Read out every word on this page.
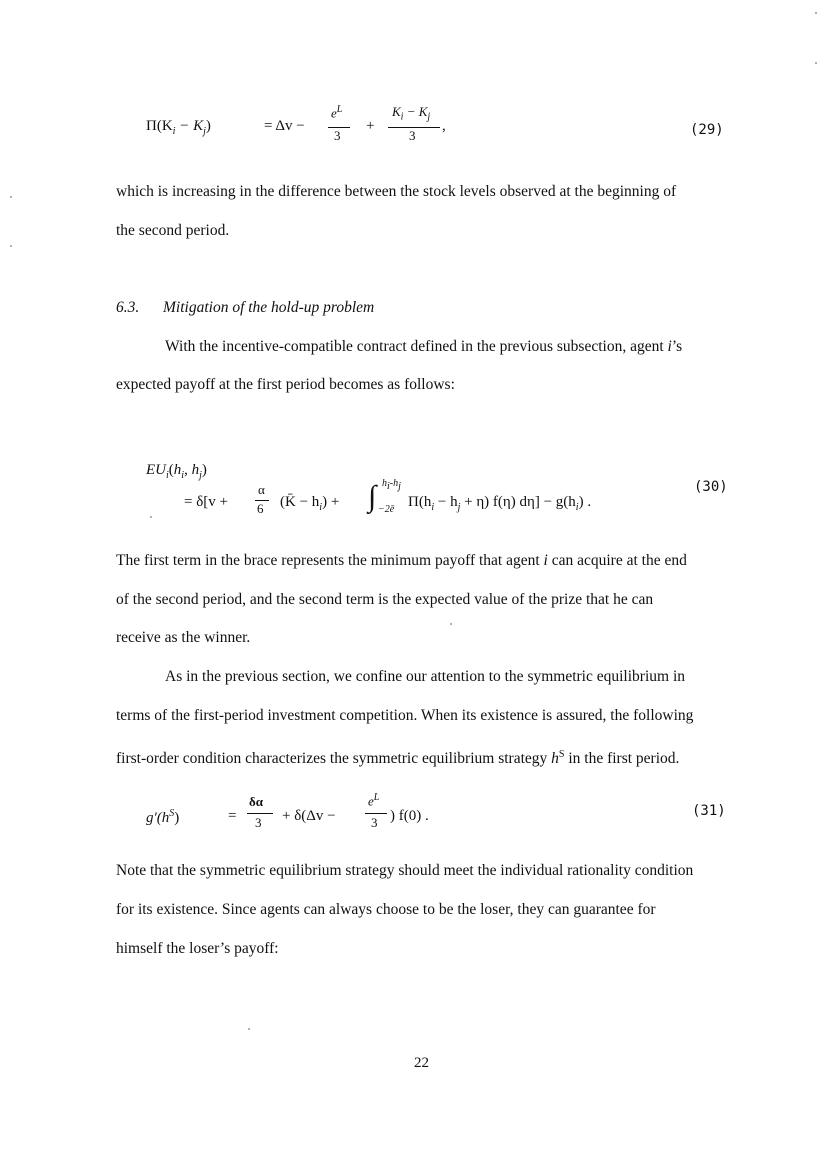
$\Pi(K_i - K_j)$	= Δv −
$e^L$
3
+
$K_i - K_j$
3
,	(29)
which is increasing in the difference between the stock levels observed at the beginning of
the second period.
6.3. Mitigation of the hold-up problem
With the incentive-compatible contract defined in the previous subsection, agent i’s
expected payoff at the first period becomes as follows:
$EU_i(h_i$, $h_j$)
= δ[v +
α
6 (K̄ − $h_i$) + ∫ $h_i-h_j$
−2ē $\Pi(h_i - h_j + \eta)$ f(η) $d\eta] - g(h_i)$ .
(30)
The first term in the brace represents the minimum payoff that agent i can acquire at the end
of the second period, and the second term is the expected value of the prize that he can
receive as the winner.
As in the previous section, we confine our attention to the symmetric equilibrium in
terms of the first-period investment competition. When its existence is assured, the following
first-order condition characterizes the symmetric equilibrium strategy $h^S$ in the first period.
$g'(h^S)$	=
δα
3 + δ(Δv −
$e^L$
3 ) f(0) .	(31)
Note that the symmetric equilibrium strategy should meet the individual rationality condition
for its existence. Since agents can always choose to be the loser, they can guarantee for
himself the loser’s payoff:
22
